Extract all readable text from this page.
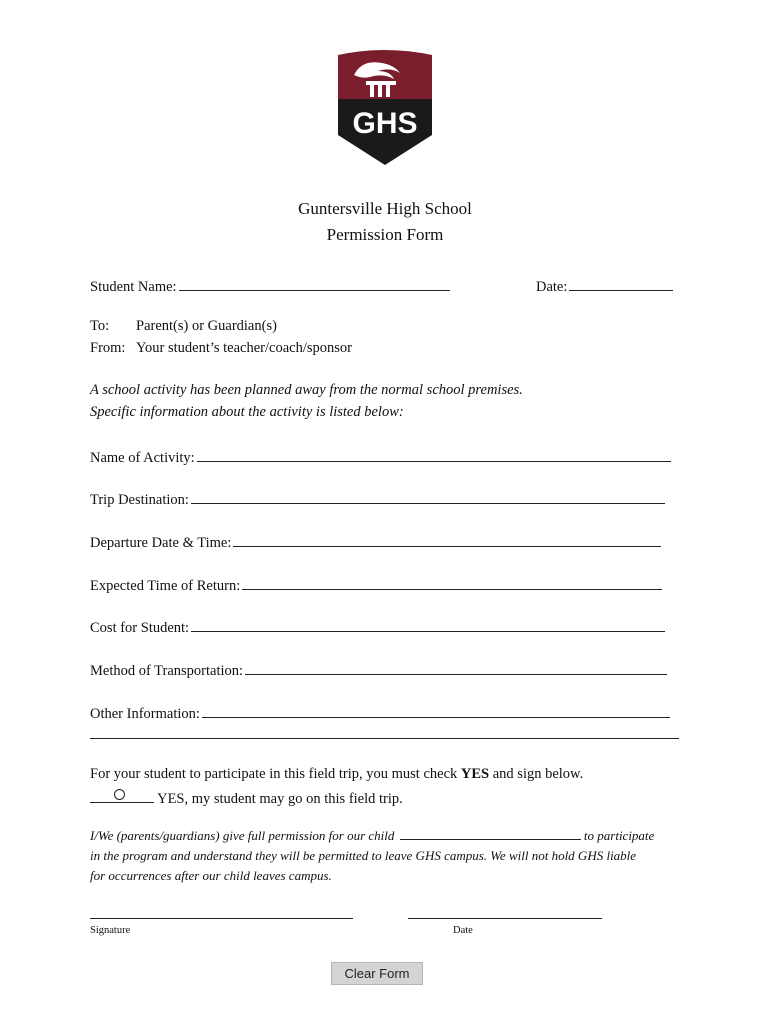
GHS
Guntersville High School
Permission Form
Student Name:	Date:
To: Parent(s) or Guardian(s)
From: Your student’s teacher/coach/sponsor
A school activity has been planned away from the normal school premises.
Specific information about the activity is listed below:
Name of Activity:
Trip Destination:
Departure Date & Time:
Expected Time of Return:
Cost for Student:
Method of Transportation:
Other Information:
For your student to participate in this field trip, you must check YES and sign below.
YES, my student may go on this field trip.
I/We (parents/guardians) give full permission for our child	to participate
in the program and understand they will be permitted to leave GHS campus. We will not hold GHS liable
for occurrences after our child leaves campus.
Signature	Date
Clear Form
